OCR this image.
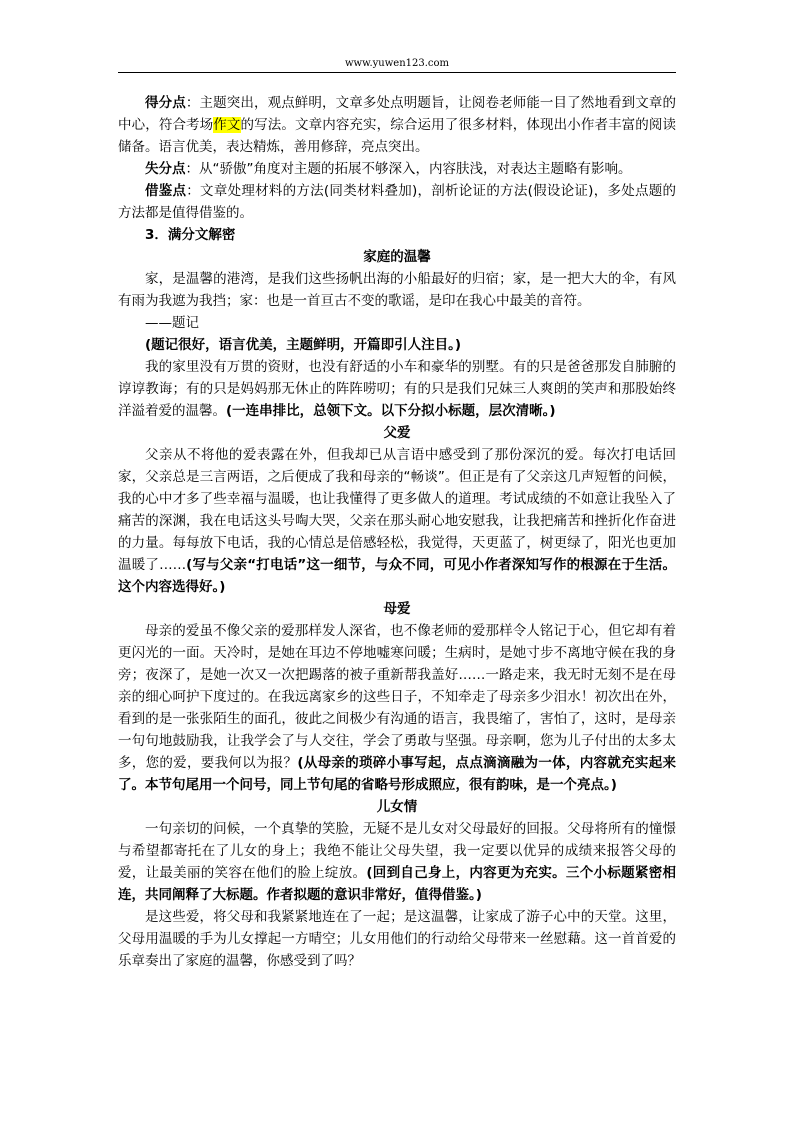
www.yuwen123.com

得分点：主题突出，观点鲜明，文章多处点明题旨，让阅卷老师能一目了然地看到文章的中心，符合考场作文的写法。文章内容充实，综合运用了很多材料，体现出小作者丰富的阅读储备。语言优美，表达精炼，善用修辞，亮点突出。

失分点：从“骄傲”角度对主题的拓展不够深入，内容肤浅，对表达主题略有影响。

借鉴点：文章处理材料的方法(同类材料叠加)，剖析论证的方法(假设论证)，多处点题的方法都是值得借鉴的。

3．满分文解密

家庭的温馨

家，是温馨的港湾，是我们这些扬帆出海的小船最好的归宿；家，是一把大大的伞，有风有雨为我遮为我挡；家：也是一首亘古不变的歌谣，是印在我心中最美的音符。

——题记

(题记很好，语言优美，主题鲜明，开篇即引人注目。)

我的家里没有万贯的资财，也没有舒适的小车和豪华的别墅。有的只是爸爸那发自肺腑的谆谆教诲；有的只是妈妈那无休止的阵阵唠叨；有的只是我们兄妹三人爽朗的笑声和那股始终洋溢着爱的温馨。(一连串排比，总领下文。以下分拟小标题，层次清晰。)

父爱

父亲从不将他的爱表露在外，但我却已从言语中感受到了那份深沉的爱。每次打电话回家，父亲总是三言两语，之后便成了我和母亲的“畅谈”。但正是有了父亲这几声短暂的问候，我的心中才多了些幸福与温暖，也让我懂得了更多做人的道理。考试成绩的不如意让我坠入了痛苦的深渊，我在电话这头号啕大哭，父亲在那头耐心地安慰我，让我把痛苦和挫折化作奋进的力量。每每放下电话，我的心情总是倍感轻松，我觉得，天更蓝了，树更绿了，阳光也更加温暖了……(写与父亲“打电话”这一细节，与众不同，可见小作者深知写作的根源在于生活。这个内容选得好。)

母爱

母亲的爱虽不像父亲的爱那样发人深省，也不像老师的爱那样令人铭记于心，但它却有着更闪光的一面。天冷时，是她在耳边不停地嘘寒问暖；生病时，是她寸步不离地守候在我的身旁；夜深了，是她一次又一次把踢落的被子重新帮我盖好……一路走来，我无时无刻不是在母亲的细心呵护下度过的。在我远离家乡的这些日子，不知牵走了母亲多少泪水！初次出在外，看到的是一张张陌生的面孔，彼此之间极少有沟通的语言，我畏缩了，害怕了，这时，是母亲一句句地鼓励我，让我学会了与人交往，学会了勇敢与坚强。母亲啊，您为儿子付出的太多太多，您的爱，要我何以为报？(从母亲的琐碎小事写起，点点滴滴融为一体，内容就充实起来了。本节句尾用一个问号，同上节句尾的省略号形成照应，很有韵味，是一个亮点。)

儿女情

一句亲切的问候，一个真挚的笑脸，无疑不是儿女对父母最好的回报。父母将所有的憧憬与希望都寄托在了儿女的身上；我绝不能让父母失望，我一定要以优异的成绩来报答父母的爱，让最美丽的笑容在他们的脸上绽放。(回到自己身上，内容更为充实。三个小标题紧密相连，共同阐释了大标题。作者拟题的意识非常好，值得借鉴。)

是这些爱，将父母和我紧紧地连在了一起；是这温馨，让家成了游子心中的天堂。这里，父母用温暖的手为儿女撑起一方晴空；儿女用他们的行动给父母带来一丝慰藉。这一首首爱的乐章奏出了家庭的温馨，你感受到了吗？
